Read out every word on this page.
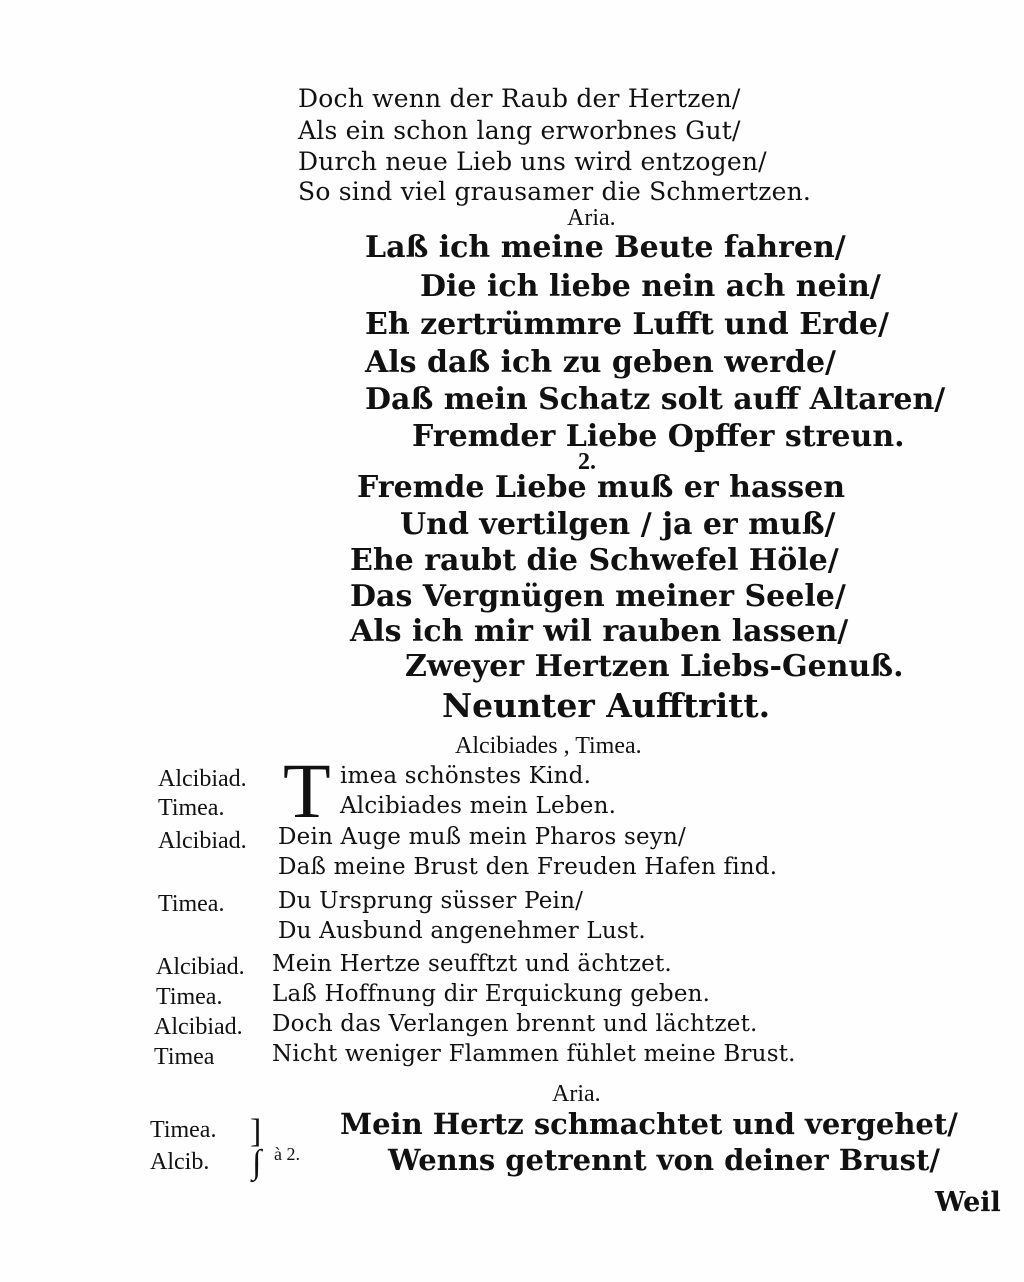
Doch wenn der Raub der Hertzen/
Als ein schon lang erworbnes Gut/
Durch neue Lieb uns wird entzogen/
So sind viel grausamer die Schmertzen.
Aria.
Laß ich meine Beute fahren/
Die ich liebe nein ach nein/
Eh zertrümmre Lufft und Erde/
Als daß ich zu geben werde/
Daß mein Schatz solt auff Altaren/
Fremder Liebe Opffer streun.
2.
Fremde Liebe muß er hassen
Und vertilgen / ja er muß/
Ehe raubt die Schwefel Höle/
Das Vergnügen meiner Seele/
Als ich mir wil rauben lassen/
Zweyer Hertzen Liebs-Genuß.
Neunter Aufftritt.
Alcibiades , Timea.
Alcibiad. T imea schönstes Kind.
Timea.	Alcibiades mein Leben.
Alcibiad. Dein Auge muß mein Pharos seyn/
Daß meine Brust den Freuden Hafen find.
Timea. Du Ursprung süsser Pein/
Du Ausbund angenehmer Lust.
Alcibiad. Mein Hertze seufftzt und ächtzet.
Timea. Laß Hoffnung dir Erquickung geben.
Alcibiad. Doch das Verlangen brennt und lächtzet.
Timea	Nicht weniger Flammen fühlet meine Brust.
Aria.
Timea.
Alcib.
]
∫ à 2.
Mein Hertz schmachtet und vergehet/
Wenns getrennt von deiner Brust/
Weil
